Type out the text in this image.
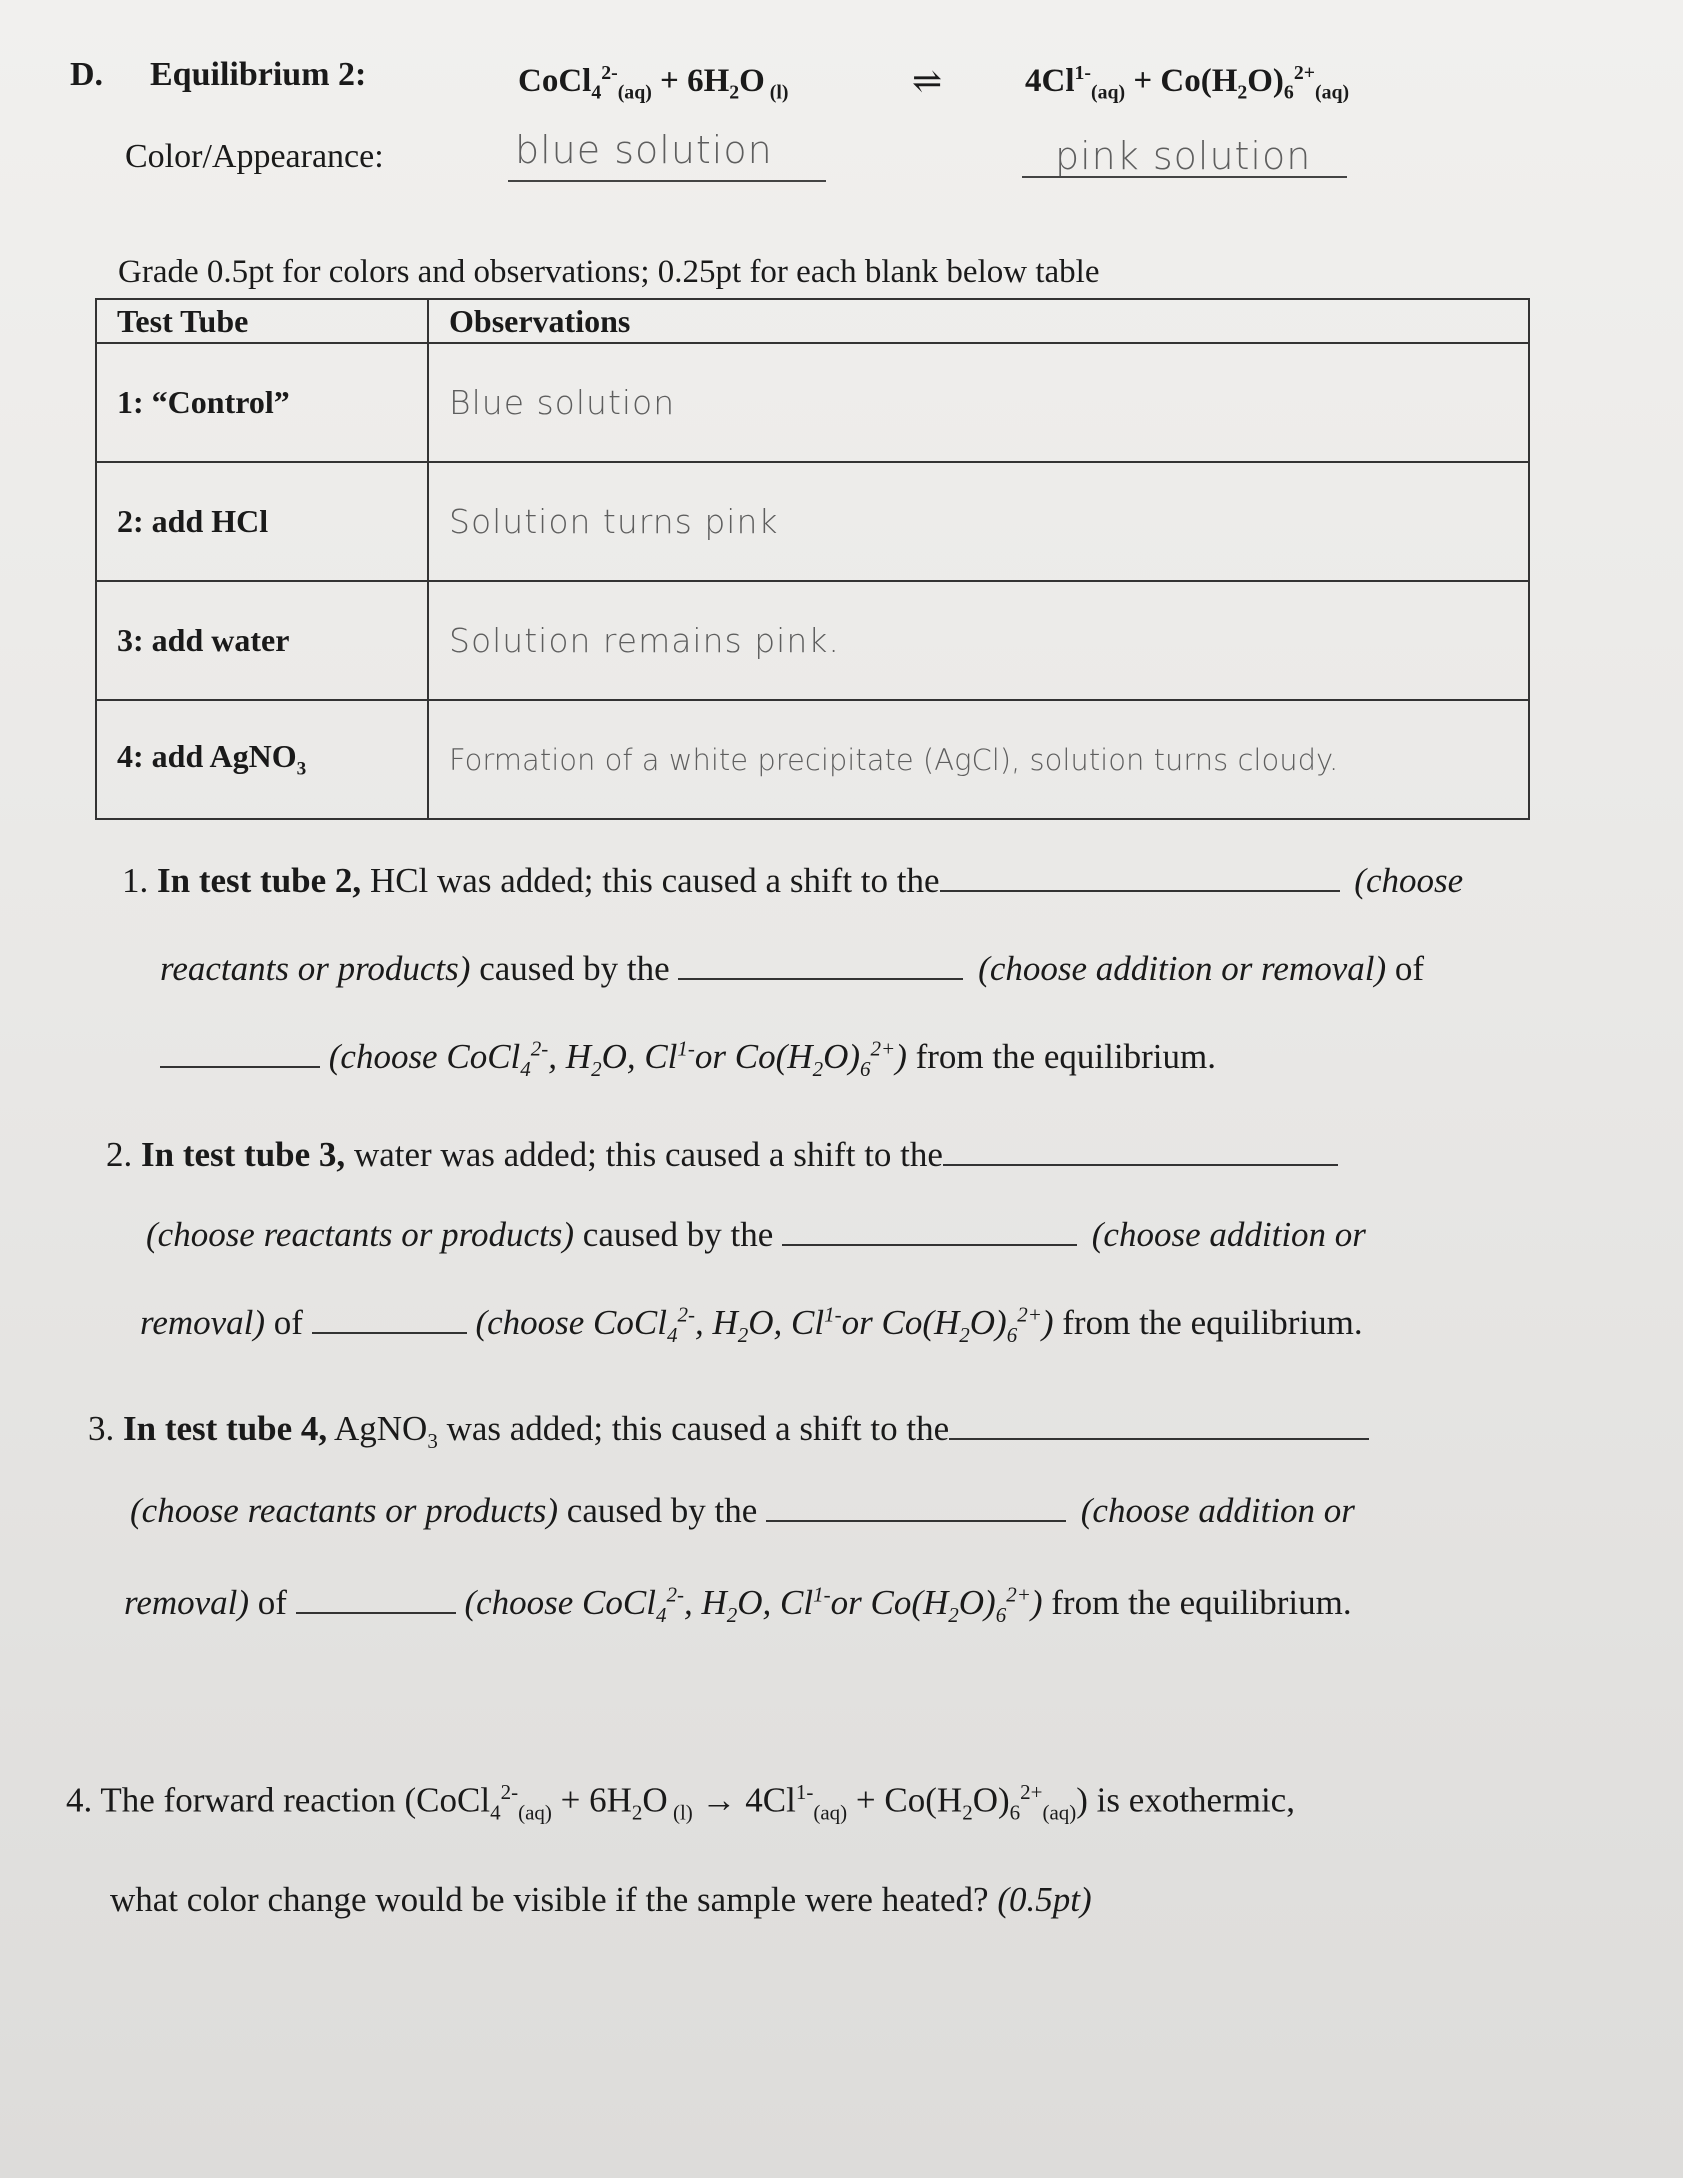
D. Equilibrium 2:	CoCl$_4^{2-}_{(aq)}$ + $6H_2O$ $_{(l)}$	⇌	$4Cl^{1-}_{(aq)} + Co(H_2O)_6^{2+}_{(aq)}$
Color/Appearance:	blue solution	pink solution
Grade 0.5pt for colors and observations; 0.25pt for each blank below table
Test Tube	Observations
1: “Control”	Blue solution
2: add HCl	Solution turns pink
3: add water	Solution remains pink.
4: add AgNO$_3$	Formation of a white precipitate (AgCl), solution turns cloudy.
1. In test tube 2, HCl was added; this caused a shift to the	(choose
reactants or products) caused by the	(choose addition or removal) of
(choose CoCl$_4^{2-}$, $H_2O$, $Cl^{1-}or$ $Co(H_2O)_6^{2+}$) from the equilibrium.
2. In test tube 3, water was added; this caused a shift to the
(choose reactants or products) caused by the	(choose addition or
removal) of	(choose CoCl$_4^{2-}$, $H_2O$, $Cl^{1-}or$ $Co(H_2O)_6^{2+}$) from the equilibrium.
3. In test tube 4, AgNO$_3$ was added; this caused a shift to the
(choose reactants or products) caused by the	(choose addition or
removal) of	(choose CoCl$_4^{2-}$, $H_2O$, $Cl^{1-}or$ $Co(H_2O)_6^{2+}$) from the equilibrium.
4. The forward reaction (CoCl$_4^{2-}_{(aq)}$ + $6H_2O$ $_{(l)} \to 4Cl^{1-}_{(aq)} + Co(H_2O)_6^{2+}_{(aq)}$) is exothermic,
what color change would be visible if the sample were heated? (0.5pt)
